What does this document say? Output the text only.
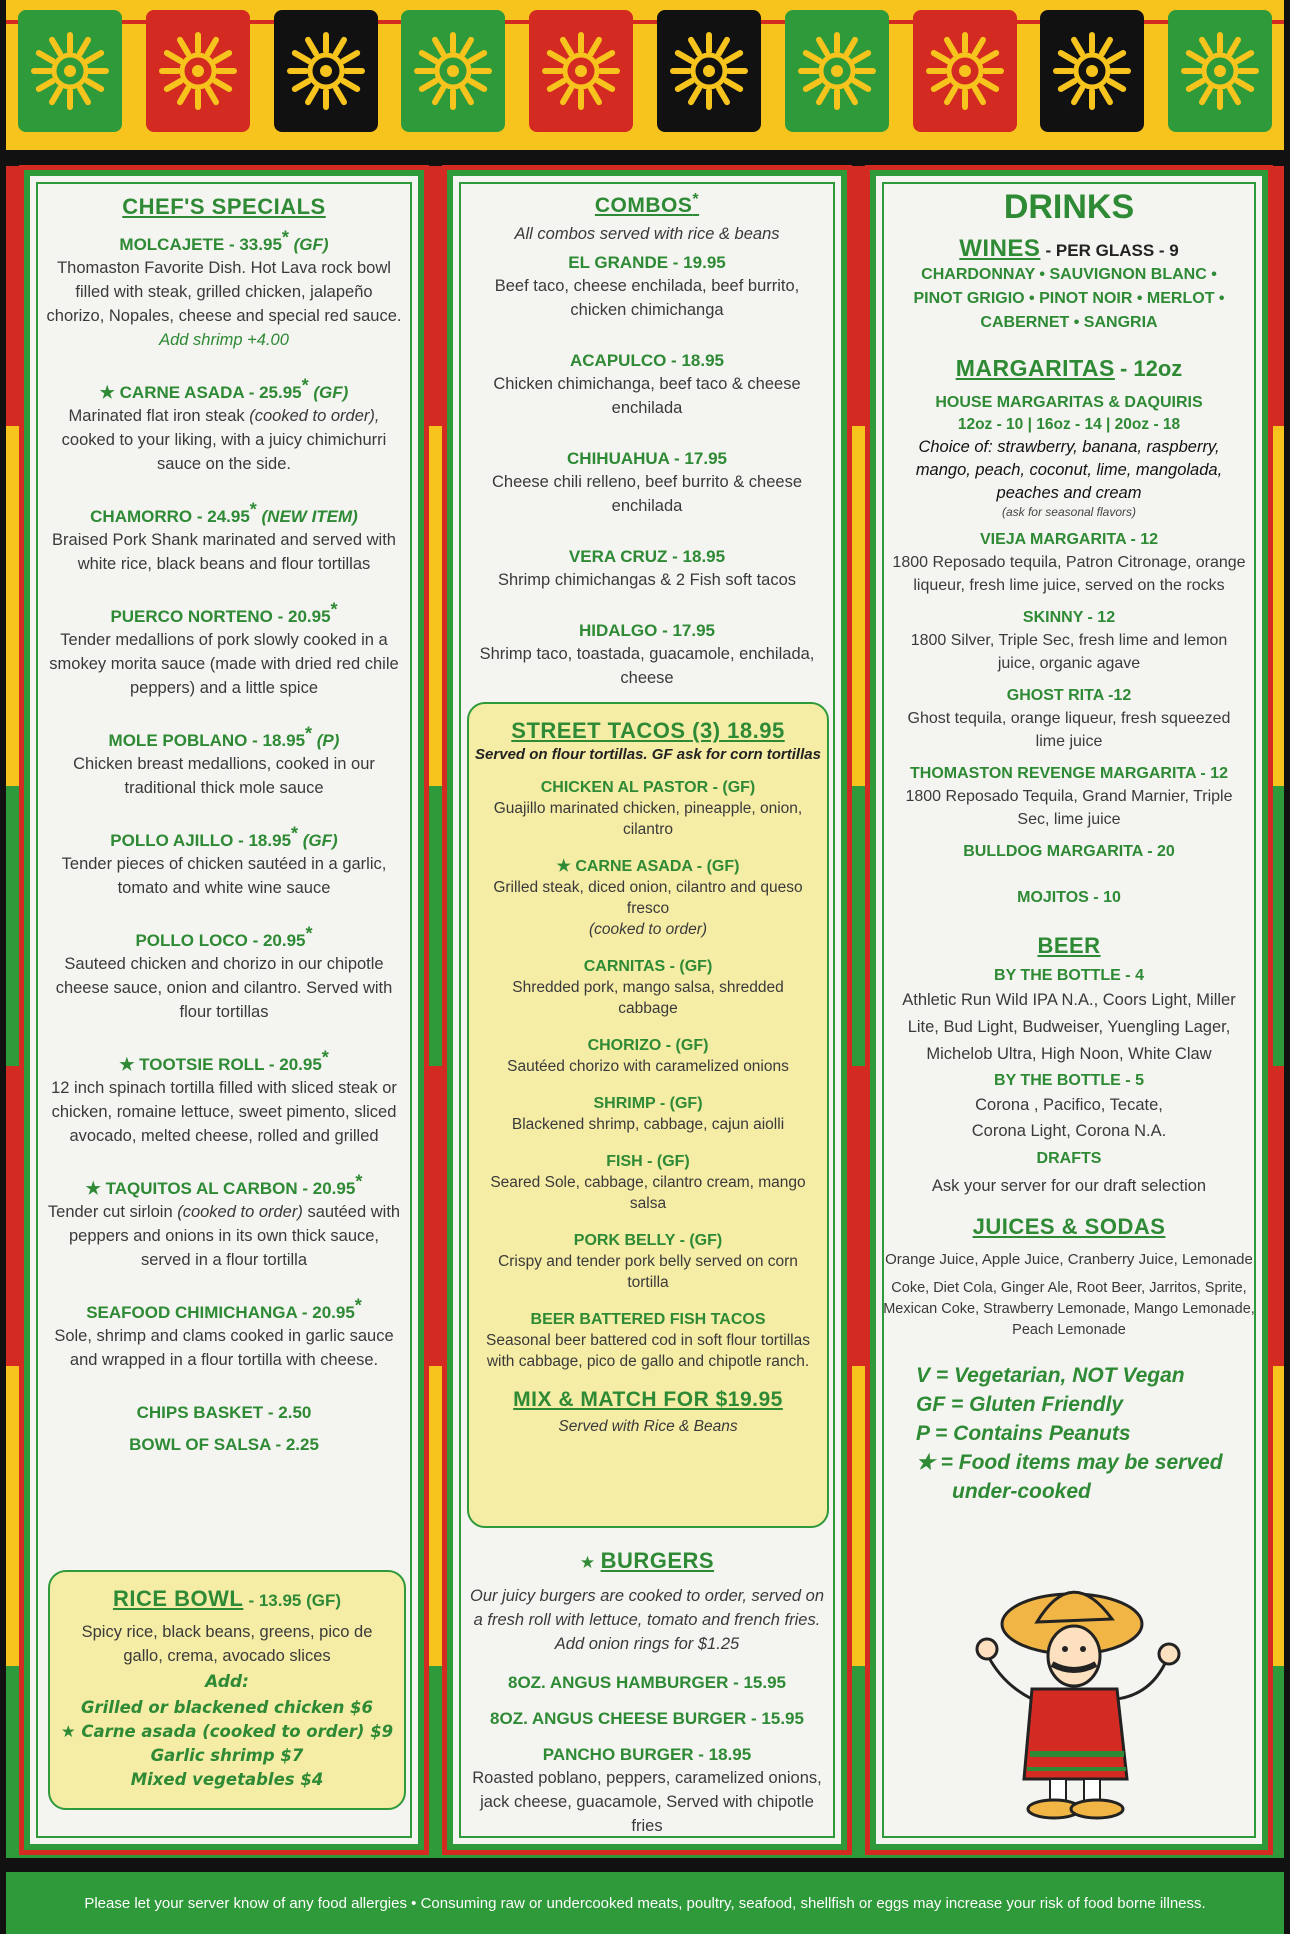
CHEF'S SPECIALS
MOLCAJETE - 33.95* (GF)
Thomaston Favorite Dish. Hot Lava rock bowl filled with steak, grilled chicken, jalapeño chorizo, Nopales, cheese and special red sauce. Add shrimp +4.00
★ CARNE ASADA - 25.95* (GF)
Marinated flat iron steak (cooked to order), cooked to your liking, with a juicy chimichurri sauce on the side.
CHAMORRO - 24.95* (NEW ITEM)
Braised Pork Shank marinated and served with white rice, black beans and flour tortillas
PUERCO NORTENO - 20.95*
Tender medallions of pork slowly cooked in a smokey morita sauce (made with dried red chile peppers) and a little spice
MOLE POBLANO - 18.95* (P)
Chicken breast medallions, cooked in our traditional thick mole sauce
POLLO AJILLO - 18.95* (GF)
Tender pieces of chicken sautéed in a garlic, tomato and white wine sauce
POLLO LOCO - 20.95*
Sauteed chicken and chorizo in our chipotle cheese sauce, onion and cilantro. Served with flour tortillas
★ TOOTSIE ROLL - 20.95*
12 inch spinach tortilla filled with sliced steak or chicken, romaine lettuce, sweet pimento, sliced avocado, melted cheese, rolled and grilled
★ TAQUITOS AL CARBON - 20.95*
Tender cut sirloin (cooked to order) sautéed with peppers and onions in its own thick sauce, served in a flour tortilla
SEAFOOD CHIMICHANGA - 20.95*
Sole, shrimp and clams cooked in garlic sauce and wrapped in a flour tortilla with cheese.
CHIPS BASKET - 2.50
BOWL OF SALSA - 2.25
RICE BOWL - 13.95 (GF)
Spicy rice, black beans, greens, pico de gallo, crema, avocado slices
Add:
Grilled or blackened chicken $6
★ Carne asada (cooked to order) $9
Garlic shrimp $7
Mixed vegetables $4
COMBOS*
All combos served with rice & beans
EL GRANDE - 19.95
Beef taco, cheese enchilada, beef burrito, chicken chimichanga
ACAPULCO - 18.95
Chicken chimichanga, beef taco & cheese enchilada
CHIHUAHUA - 17.95
Cheese chili relleno, beef burrito & cheese enchilada
VERA CRUZ - 18.95
Shrimp chimichangas & 2 Fish soft tacos
HIDALGO - 17.95
Shrimp taco, toastada, guacamole, enchilada, cheese
STREET TACOS (3) 18.95
Served on flour tortillas. GF ask for corn tortillas
CHICKEN AL PASTOR - (GF)
Guajillo marinated chicken, pineapple, onion, cilantro
★ CARNE ASADA - (GF)
Grilled steak, diced onion, cilantro and queso fresco
(cooked to order)
CARNITAS - (GF)
Shredded pork, mango salsa, shredded cabbage
CHORIZO - (GF)
Sautéed chorizo with caramelized onions
SHRIMP - (GF)
Blackened shrimp, cabbage, cajun aiolli
FISH - (GF)
Seared Sole, cabbage, cilantro cream, mango salsa
PORK BELLY - (GF)
Crispy and tender pork belly served on corn tortilla
BEER BATTERED FISH TACOS
Seasonal beer battered cod in soft flour tortillas with cabbage, pico de gallo and chipotle ranch.
MIX & MATCH FOR $19.95
Served with Rice & Beans
★ BURGERS
Our juicy burgers are cooked to order, served on a fresh roll with lettuce, tomato and french fries. Add onion rings for $1.25
8OZ. ANGUS HAMBURGER - 15.95
8OZ. ANGUS CHEESE BURGER - 15.95
PANCHO BURGER - 18.95
Roasted poblano, peppers, caramelized onions, jack cheese, guacamole, Served with chipotle fries
DRINKS
WINES - PER GLASS - 9
CHARDONNAY • SAUVIGNON BLANC •
PINOT GRIGIO • PINOT NOIR • MERLOT •
CABERNET • SANGRIA
MARGARITAS - 12oz
HOUSE MARGARITAS & DAQUIRIS
12oz - 10 | 16oz - 14 | 20oz - 18
Choice of: strawberry, banana, raspberry, mango, peach, coconut, lime, mangolada, peaches and cream
(ask for seasonal flavors)
VIEJA MARGARITA - 12
1800 Reposado tequila, Patron Citronage, orange liqueur, fresh lime juice, served on the rocks
SKINNY - 12
1800 Silver, Triple Sec, fresh lime and lemon juice, organic agave
GHOST RITA -12
Ghost tequila, orange liqueur, fresh squeezed lime juice
THOMASTON REVENGE MARGARITA - 12
1800 Reposado Tequila, Grand Marnier, Triple Sec, lime juice
BULLDOG MARGARITA - 20
MOJITOS - 10
BEER
BY THE BOTTLE - 4
Athletic Run Wild IPA N.A., Coors Light, Miller Lite, Bud Light, Budweiser, Yuengling Lager, Michelob Ultra, High Noon, White Claw
BY THE BOTTLE - 5
Corona , Pacifico, Tecate, Corona Light, Corona N.A.
DRAFTS
Ask your server for our draft selection
JUICES & SODAS
Orange Juice, Apple Juice, Cranberry Juice, Lemonade
Coke, Diet Cola, Ginger Ale, Root Beer, Jarritos, Sprite, Mexican Coke, Strawberry Lemonade, Mango Lemonade, Peach Lemonade
V = Vegetarian, NOT Vegan
GF = Gluten Friendly
P = Contains Peanuts
★ = Food items may be served
under-cooked
Please let your server know of any food allergies • Consuming raw or undercooked meats, poultry, seafood, shellfish or eggs may increase your risk of food borne illness.
